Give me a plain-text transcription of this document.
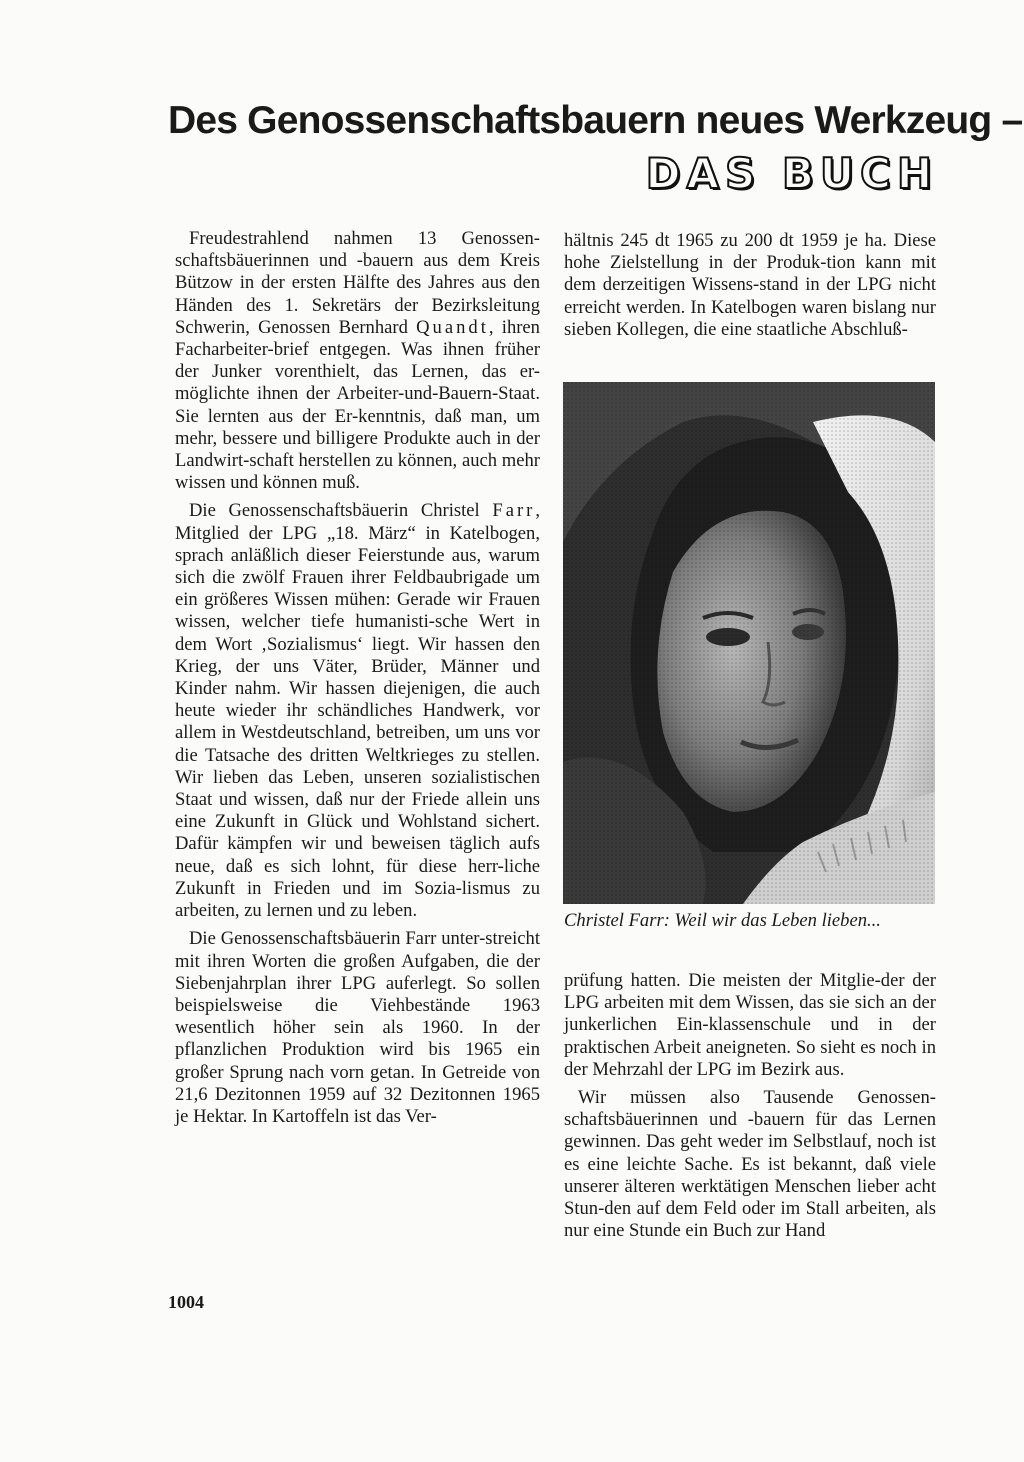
Des Genossenschaftsbauern neues Werkzeug –
DAS BUCH

Freudestrahlend nahmen 13 Genossen-schaftsbäuerinnen und -bauern aus dem Kreis Bützow in der ersten Hälfte des Jahres aus den Händen des 1. Sekretärs der Bezirksleitung Schwerin, Genossen Bernhard Quandt, ihren Facharbeiter-brief entgegen. Was ihnen früher der Junker vorenthielt, das Lernen, das er-möglichte ihnen der Arbeiter-und-Bauern-Staat. Sie lernten aus der Er-kenntnis, daß man, um mehr, bessere und billigere Produkte auch in der Landwirt-schaft herstellen zu können, auch mehr wissen und können muß.

Die Genossenschaftsbäuerin Christel Farr, Mitglied der LPG „18. März“ in Katelbogen, sprach anläßlich dieser Feierstunde aus, warum sich die zwölf Frauen ihrer Feldbaubrigade um ein größeres Wissen mühen: Gerade wir Frauen wissen, welcher tiefe humanisti-sche Wert in dem Wort ‚Sozialismus‘ liegt. Wir hassen den Krieg, der uns Väter, Brüder, Männer und Kinder nahm. Wir hassen diejenigen, die auch heute wieder ihr schändliches Handwerk, vor allem in Westdeutschland, betreiben, um uns vor die Tatsache des dritten Weltkrieges zu stellen. Wir lieben das Leben, unseren sozialistischen Staat und wissen, daß nur der Friede allein uns eine Zukunft in Glück und Wohlstand sichert. Dafür kämpfen wir und beweisen täglich aufs neue, daß es sich lohnt, für diese herr-liche Zukunft in Frieden und im Sozia-lismus zu arbeiten, zu lernen und zu leben.

Die Genossenschaftsbäuerin Farr unter-streicht mit ihren Worten die großen Aufgaben, die der Siebenjahrplan ihrer LPG auferlegt. So sollen beispielsweise die Viehbestände 1963 wesentlich höher sein als 1960. In der pflanzlichen Produktion wird bis 1965 ein großer Sprung nach vorn getan. In Getreide von 21,6 Dezitonnen 1959 auf 32 Dezitonnen 1965 je Hektar. In Kartoffeln ist das Ver-

hältnis 245 dt 1965 zu 200 dt 1959 je ha. Diese hohe Zielstellung in der Produk-tion kann mit dem derzeitigen Wissens-stand in der LPG nicht erreicht werden. In Katelbogen waren bislang nur sieben Kollegen, die eine staatliche Abschluß-

Christel Farr: Weil wir das Leben lieben...

prüfung hatten. Die meisten der Mitglie-der der LPG arbeiten mit dem Wissen, das sie sich an der junkerlichen Ein-klassenschule und in der praktischen Arbeit aneigneten. So sieht es noch in der Mehrzahl der LPG im Bezirk aus.

Wir müssen also Tausende Genossen-schaftsbäuerinnen und -bauern für das Lernen gewinnen. Das geht weder im Selbstlauf, noch ist es eine leichte Sache. Es ist bekannt, daß viele unserer älteren werktätigen Menschen lieber acht Stun-den auf dem Feld oder im Stall arbeiten, als nur eine Stunde ein Buch zur Hand

1004
